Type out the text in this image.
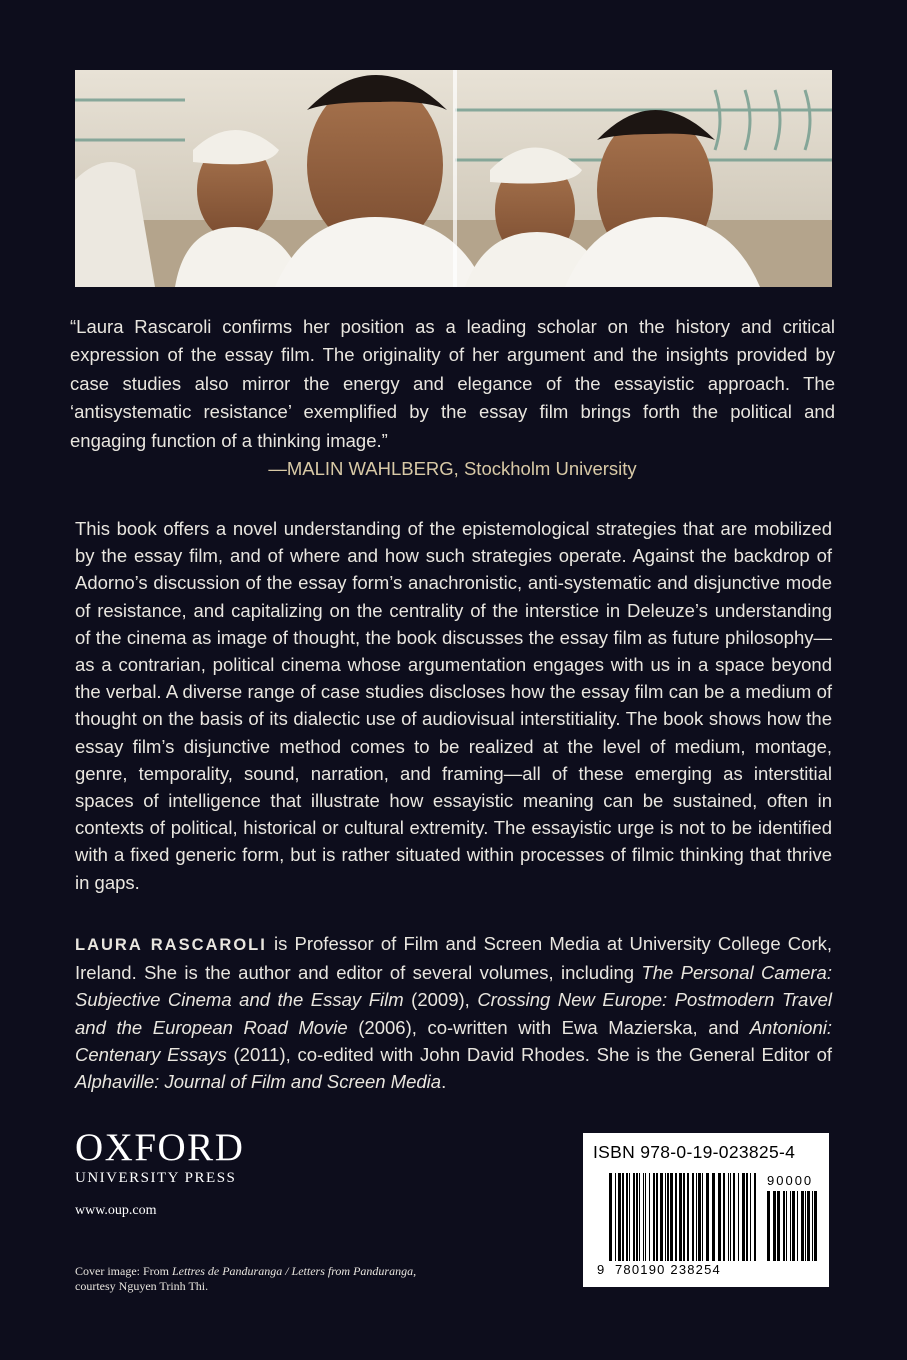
“Laura Rascaroli confirms her position as a leading scholar on the history and critical expression of the essay film. The originality of her argument and the insights provided by case studies also mirror the energy and elegance of the essayistic approach. The ‘antisystematic resistance’ exemplified by the essay film brings forth the political and engaging function of a thinking image.”
—MALIN WAHLBERG, Stockholm University
This book offers a novel understanding of the epistemological strategies that are mobilized by the essay film, and of where and how such strategies operate. Against the backdrop of Adorno’s discussion of the essay form’s anachronistic, anti-systematic and disjunctive mode of resistance, and capitalizing on the centrality of the interstice in Deleuze’s understanding of the cinema as image of thought, the book discusses the essay film as future philosophy—as a contrarian, political cinema whose argumentation engages with us in a space beyond the verbal. A diverse range of case studies discloses how the essay film can be a medium of thought on the basis of its dialectic use of audiovisual interstitiality. The book shows how the essay film’s disjunctive method comes to be realized at the level of medium, montage, genre, temporality, sound, narration, and framing—all of these emerging as interstitial spaces of intelligence that illustrate how essayistic meaning can be sustained, often in contexts of political, historical or cultural extremity. The essayistic urge is not to be identified with a fixed generic form, but is rather situated within processes of filmic thinking that thrive in gaps.
LAURA RASCAROLI is Professor of Film and Screen Media at University College Cork, Ireland. She is the author and editor of several volumes, including The Personal Camera: Subjective Cinema and the Essay Film (2009), Crossing New Europe: Postmodern Travel and the European Road Movie (2006), co-written with Ewa Mazierska, and Antonioni: Centenary Essays (2011), co-edited with John David Rhodes. She is the General Editor of Alphaville: Journal of Film and Screen Media.
OXFORD
UNIVERSITY PRESS
www.oup.com
Cover image: From Lettres de Panduranga / Letters from Panduranga,
courtesy Nguyen Trinh Thi.
ISBN 978-0-19-023825-4
90000
9 780190 238254
